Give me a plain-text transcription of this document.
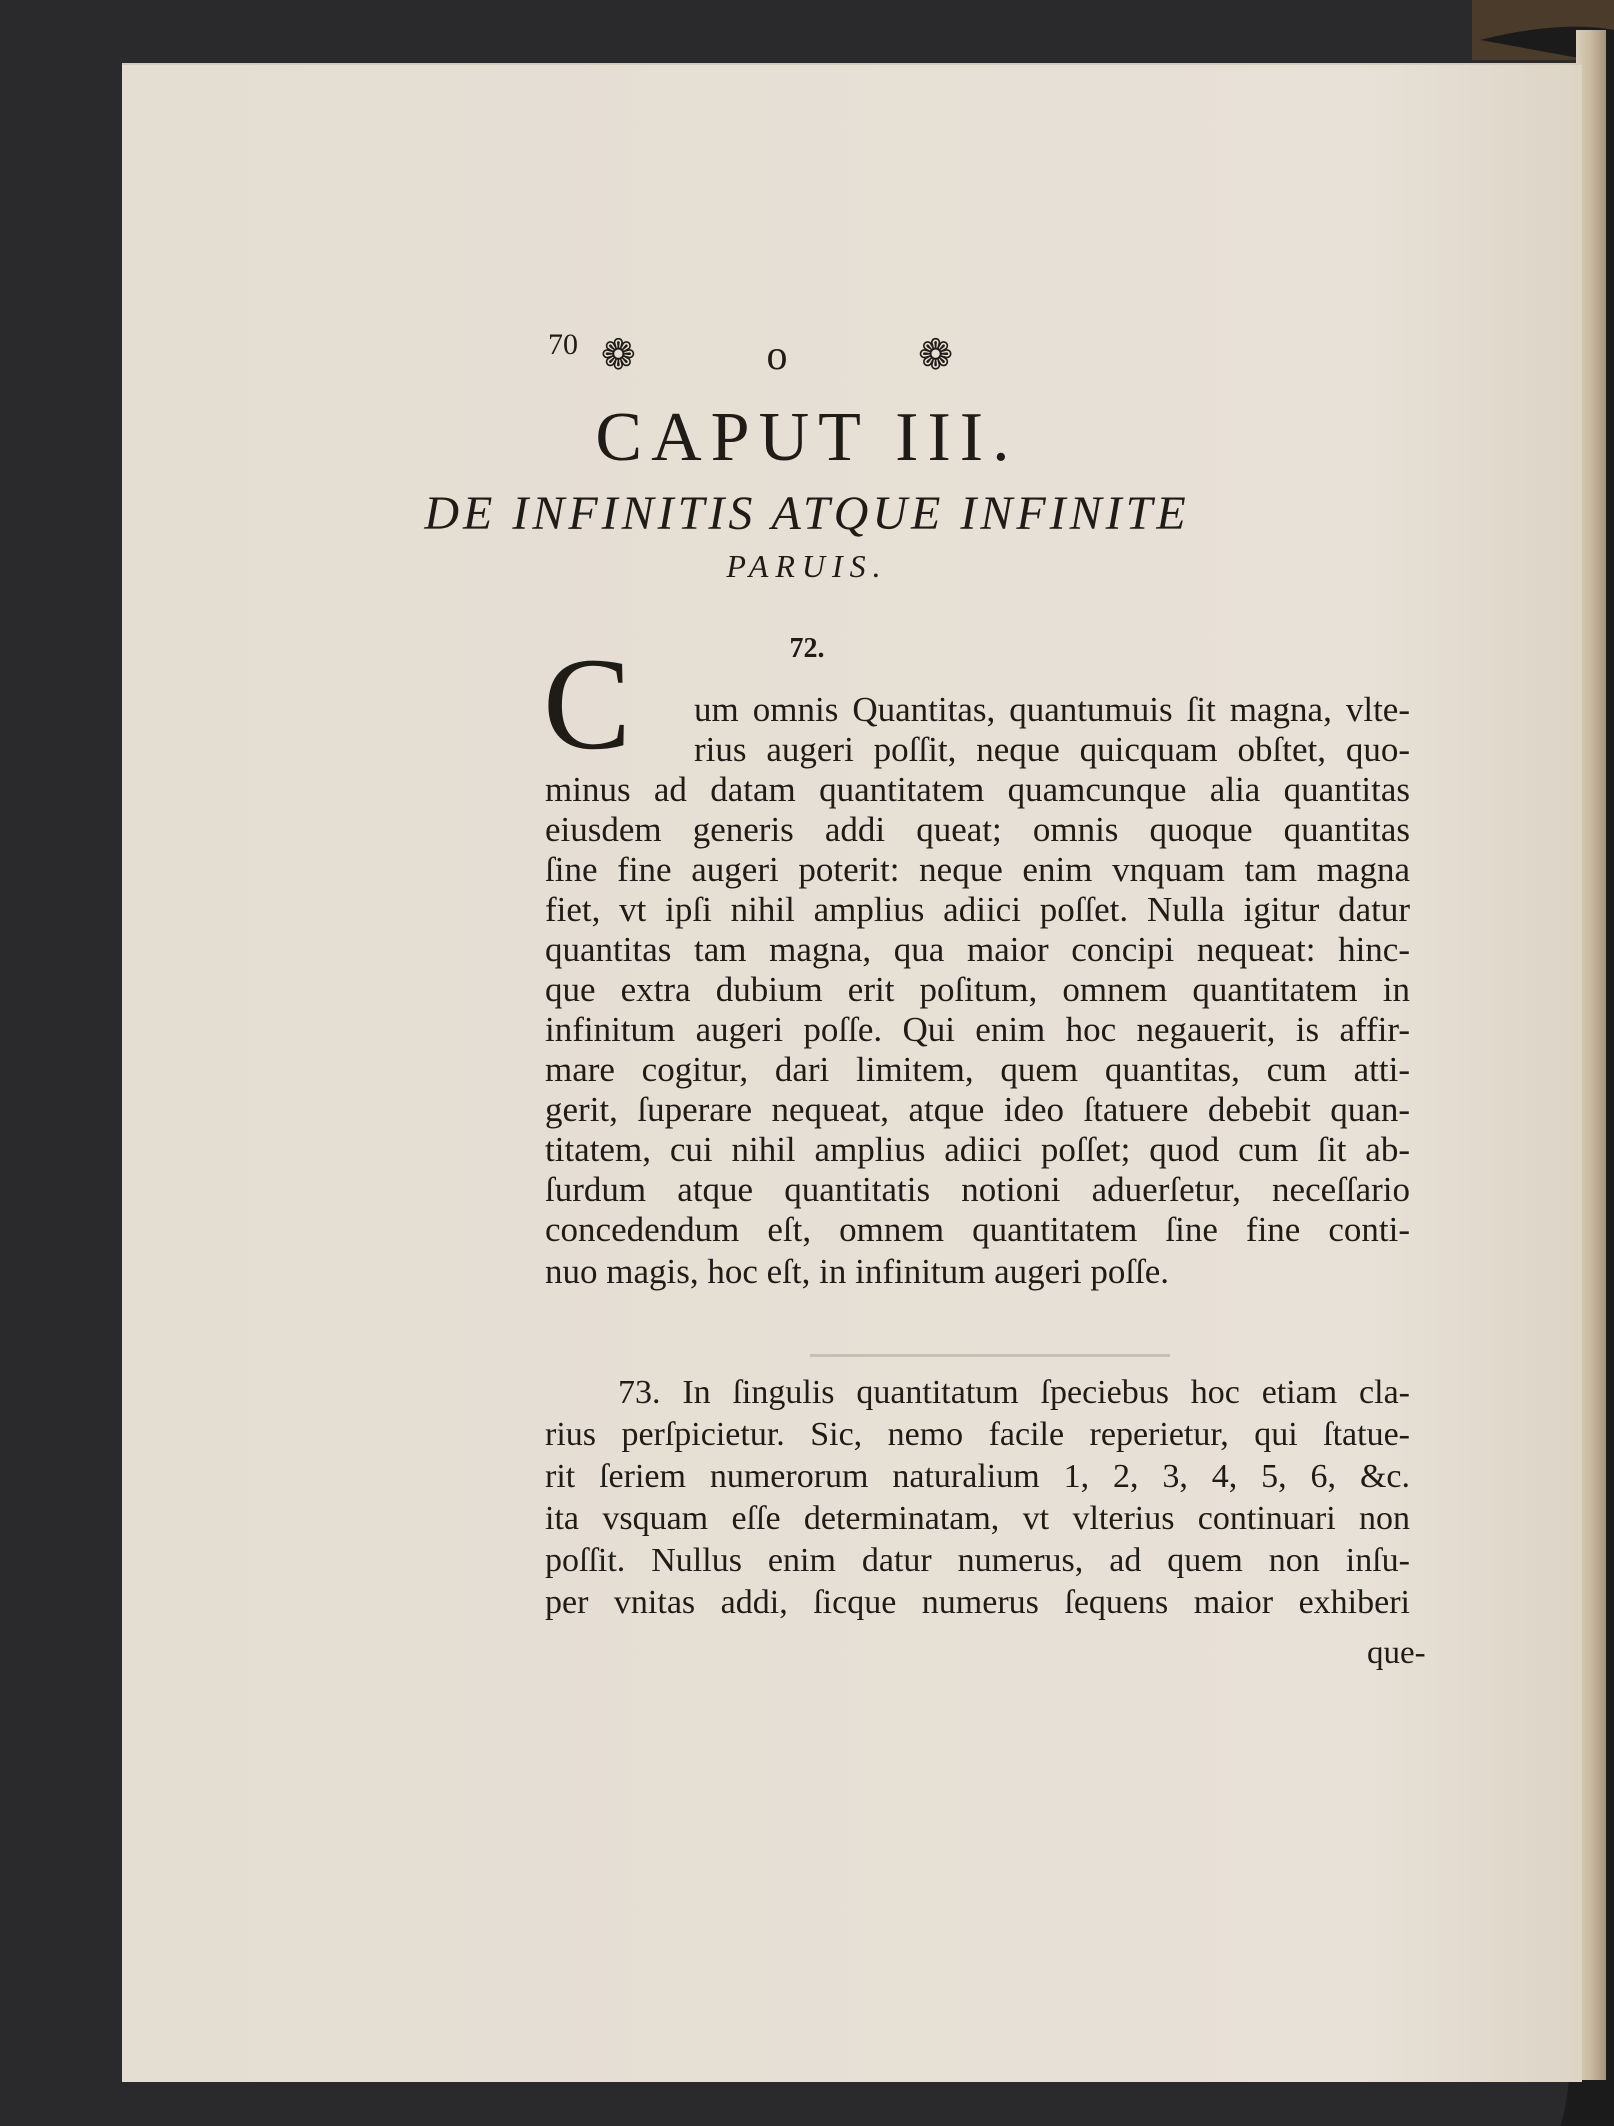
70 ❁ o ❁
CAPUT III.
DE INFINITIS ATQUE INFINITE
PARUIS.
72.
C um omnis Quantitas, quantumuis ſit magna, vlte-
rius augeri poſſit, neque quicquam obſtet, quo-
minus ad datam quantitatem quamcunque alia quantitas
eiusdem generis addi queat; omnis quoque quantitas
ſine fine augeri poterit: neque enim vnquam tam magna
fiet, vt ipſi nihil amplius adiici poſſet. Nulla igitur datur
quantitas tam magna, qua maior concipi nequeat: hinc-
que extra dubium erit poſitum, omnem quantitatem in
infinitum augeri poſſe. Qui enim hoc negauerit, is affir-
mare cogitur, dari limitem, quem quantitas, cum atti-
gerit, ſuperare nequeat, atque ideo ſtatuere debebit quan-
titatem, cui nihil amplius adiici poſſet; quod cum ſit ab-
ſurdum atque quantitatis notioni aduerſetur, neceſſario
concedendum eſt, omnem quantitatem ſine fine conti-
nuo magis, hoc eſt, in infinitum augeri poſſe.
73. In ſingulis quantitatum ſpeciebus hoc etiam cla-
rius perſpicietur. Sic, nemo facile reperietur, qui ſtatue-
rit ſeriem numerorum naturalium 1, 2, 3, 4, 5, 6, &c.
ita vsquam eſſe determinatam, vt vlterius continuari non
poſſit. Nullus enim datur numerus, ad quem non inſu-
per vnitas addi, ſicque numerus ſequens maior exhiberi
que-
